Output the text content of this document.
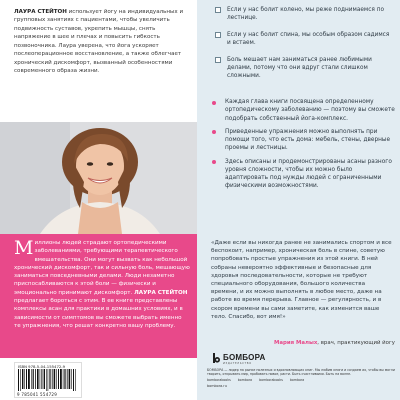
ЛАУРА СТЕЙТОН использует йогу на индивидуальных и групповых занятиях с пациентами, чтобы увеличить подвижность суставов, укрепить мышцы, снять напряжение в шее и плечах и повысить гибкость позвоночника. Лаура уверена, что йога ускоряет послеоперационное восстановление, а также облегчает хронический дискомфорт, вызванный особенностями современного образа жизни.

Миллионы людей страдают ортопедическими заболеваниями, требующими терапевтического вмешательства. Они могут вызвать как небольшой хронический дискомфорт, так и сильную боль, мешающую заниматься повседневными делами. Люди незаметно приспосабливаются к этой боли — физически и эмоционально принимают дискомфорт. ЛАУРА СТЕЙТОН предлагает бороться с этим. В ее книге представлены комплексы асан для практики в домашних условиях, и в зависимости от симптомов вы сможете выбрать именно те упражнения, что решат конкретно вашу проблему.

ISBN 978-5-04-155472-9
9 785041 554729
Если у нас болит колено, мы реже поднимаемся по лестнице.
Если у нас болит спина, мы особым образом садимся и встаем.
Боль мешает нам заниматься ранее любимыми делами, потому что они вдруг стали слишком сложными.
Каждая глава книги посвящена определенному ортопедическому заболеванию — поэтому вы сможете подобрать собственный йога-комплекс.
Приведенные упражнения можно выполнять при помощи того, что есть дома: мебель, стены, дверные проемы и лестницы.
Здесь описаны и продемонстрированы асаны разного уровня сложности, чтобы их можно было адаптировать под нужды людей с ограниченными физическими возможностями.

«Даже если вы никогда ранее не занимались спортом и все беспокоит, например, хроническая боль в спине, советую попробовать простые упражнения из этой книги. В ней собраны невероятно эффективные и безопасные для здоровья последовательности, которые не требуют специального оборудования, большого количества времени, и их можно выполнять в любое место, даже на работе во время перерыва. Главное — регулярность, и в скором времени вы сами заметите, как изменится ваше тело. Спасибо, вот имя!»

Мария Малых, врач, практикующий йогу

БОМБОРА
ИЗДАТЕЛЬСТВО

БОМБОРА — лидер на рынке полезных и вдохновляющих книг. Мы любим книги и создаем их, чтобы вы могли творить, открывать мир, пробовать новое, расти. Быть счастливыми. Быть на волне.

bomborabooks bombora bomborabooks bombora
bombora.ru
